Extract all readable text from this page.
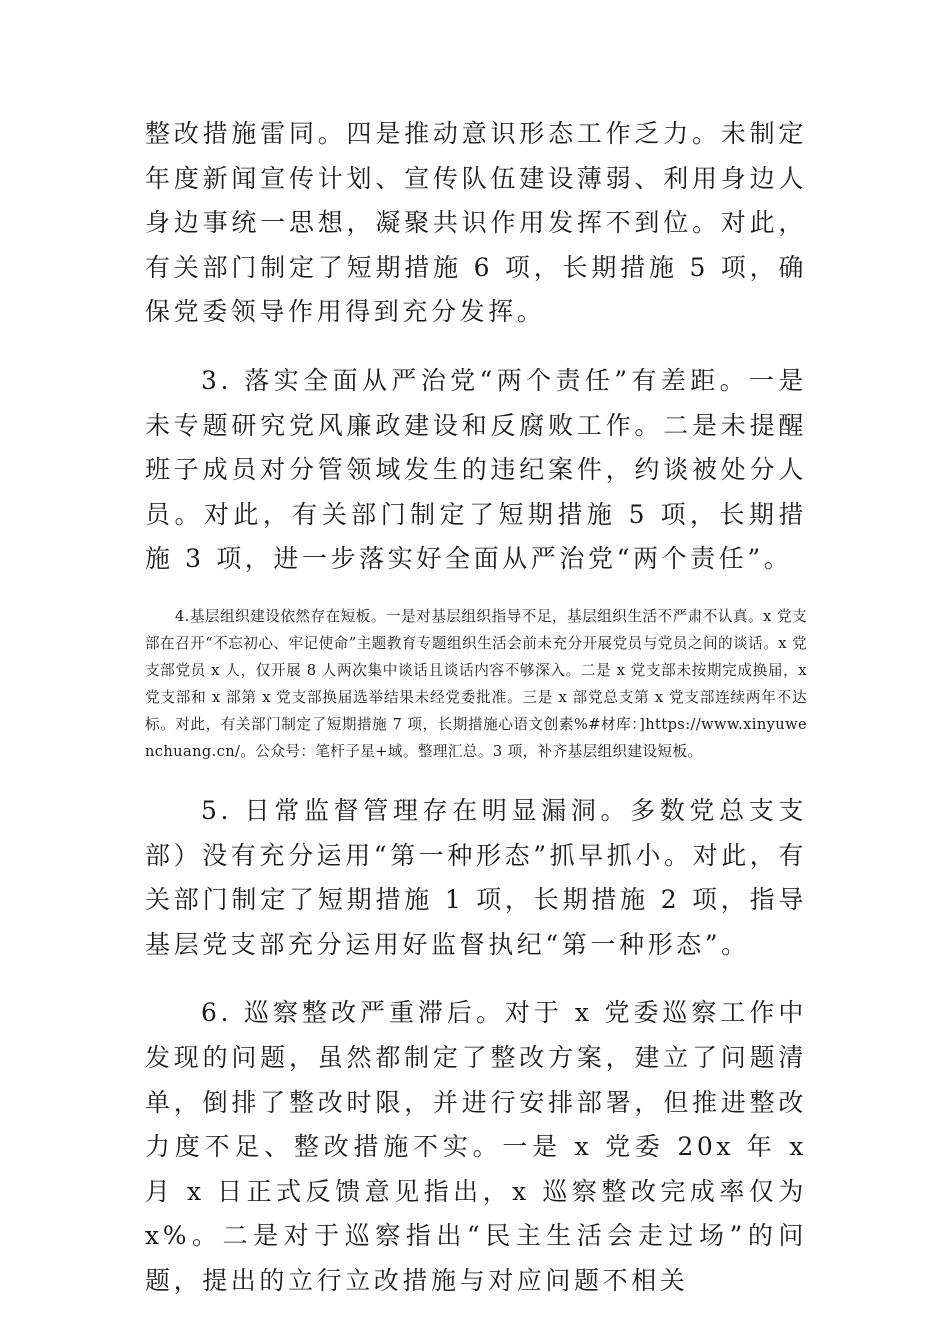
整改措施雷同。四是推动意识形态工作乏力。未制定年度新闻宣传计划、宣传队伍建设薄弱、利用身边人身边事统一思想，凝聚共识作用发挥不到位。对此，有关部门制定了短期措施 6 项，长期措施 5 项，确保党委领导作用得到充分发挥。

3. 落实全面从严治党“两个责任”有差距。一是未专题研究党风廉政建设和反腐败工作。二是未提醒班子成员对分管领域发生的违纪案件，约谈被处分人员。对此，有关部门制定了短期措施 5 项，长期措施 3 项，进一步落实好全面从严治党“两个责任”。

4.基层组织建设依然存在短板。一是对基层组织指导不足，基层组织生活不严肃不认真。x 党支部在召开“不忘初心、牢记使命”主题教育专题组织生活会前未充分开展党员与党员之间的谈话。x 党支部党员 x 人，仅开展 8 人两次集中谈话且谈话内容不够深入。二是 x 党支部未按期完成换届，x 党支部和 x 部第 x 党支部换届选举结果未经党委批准。三是 x 部党总支第 x 党支部连续两年不达标。对此，有关部门制定了短期措施 7 项，长期措施心语文创素%#材库：]https://www.xinyuwenchuang.cn/。公众号：笔杆子星+域。整理汇总。3 项，补齐基层组织建设短板。

5. 日常监督管理存在明显漏洞。多数党总支支部）没有充分运用“第一种形态”抓早抓小。对此，有关部门制定了短期措施 1 项，长期措施 2 项，指导基层党支部充分运用好监督执纪“第一种形态”。

6. 巡察整改严重滞后。对于 x 党委巡察工作中发现的问题，虽然都制定了整改方案，建立了问题清单，倒排了整改时限，并进行安排部署，但推进整改力度不足、整改措施不实。一是 x 党委 20x 年 x 月 x 日正式反馈意见指出，x 巡察整改完成率仅为 x%。二是对于巡察指出“民主生活会走过场”的问题，提出的立行立改措施与对应问题不相关
